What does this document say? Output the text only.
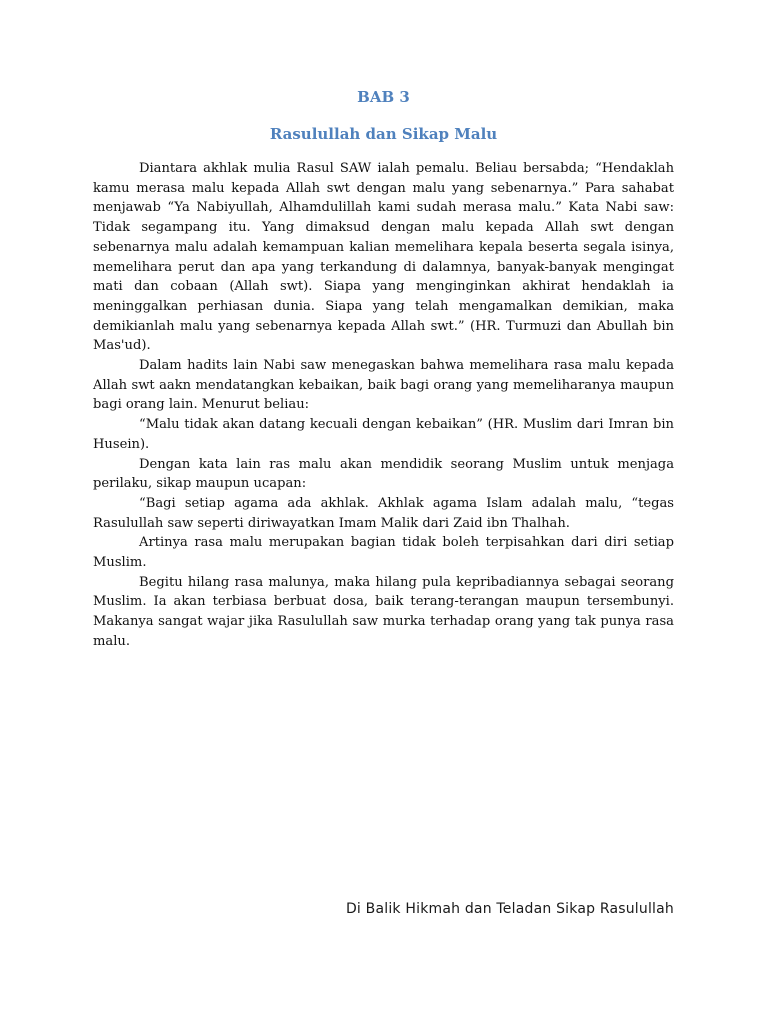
BAB 3
Rasulullah dan Sikap Malu

Diantara akhlak mulia Rasul SAW ialah pemalu. Beliau bersabda; “Hendaklah kamu merasa malu kepada Allah swt dengan malu yang sebenarnya.” Para sahabat menjawab “Ya Nabiyullah, Alhamdulillah kami sudah merasa malu.” Kata Nabi saw: Tidak segampang itu. Yang dimaksud dengan malu kepada Allah swt dengan sebenarnya malu adalah kemampuan kalian memelihara kepala beserta segala isinya, memelihara perut dan apa yang terkandung di dalamnya, banyak-banyak mengingat mati dan cobaan (Allah swt). Siapa yang menginginkan akhirat hendaklah ia meninggalkan perhiasan dunia. Siapa yang telah mengamalkan demikian, maka demikianlah malu yang sebenarnya kepada Allah swt.” (HR. Turmuzi dan Abullah bin Mas'ud).

Dalam hadits lain Nabi saw menegaskan bahwa memelihara rasa malu kepada Allah swt aakn mendatangkan kebaikan, baik bagi orang yang memeliharanya maupun bagi orang lain. Menurut beliau:

“Malu tidak akan datang kecuali dengan kebaikan” (HR. Muslim dari Imran bin Husein).

Dengan kata lain ras malu akan mendidik seorang Muslim untuk menjaga perilaku, sikap maupun ucapan:

“Bagi setiap agama ada akhlak. Akhlak agama Islam adalah malu, “tegas Rasulullah saw seperti diriwayatkan Imam Malik dari Zaid ibn Thalhah.

Artinya rasa malu merupakan bagian tidak boleh terpisahkan dari diri setiap Muslim.

Begitu hilang rasa malunya, maka hilang pula kepribadiannya sebagai seorang Muslim. Ia akan terbiasa berbuat dosa, baik terang-terangan maupun tersembunyi. Makanya sangat wajar jika Rasulullah saw murka terhadap orang yang tak punya rasa malu.

Di Balik Hikmah dan Teladan Sikap Rasulullah
